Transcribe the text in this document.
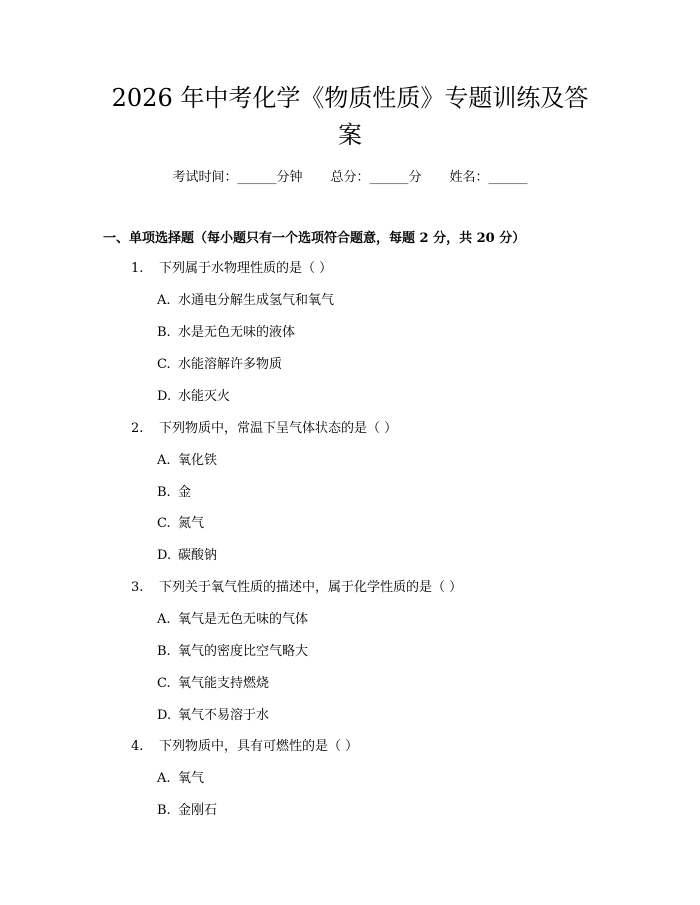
2026 年中考化学《物质性质》专题训练及答
案
考试时间：______分钟 总分：______分 姓名：______
一、单项选择题（每小题只有一个选项符合题意，每题 2 分，共 20 分）
1. 下列属于水物理性质的是（ ）
A. 水通电分解生成氢气和氧气
B. 水是无色无味的液体
C. 水能溶解许多物质
D. 水能灭火
2. 下列物质中，常温下呈气体状态的是（ ）
A. 氧化铁
B. 金
C. 氮气
D. 碳酸钠
3. 下列关于氧气性质的描述中，属于化学性质的是（ ）
A. 氧气是无色无味的气体
B. 氧气的密度比空气略大
C. 氧气能支持燃烧
D. 氧气不易溶于水
4. 下列物质中，具有可燃性的是（ ）
A. 氧气
B. 金刚石
